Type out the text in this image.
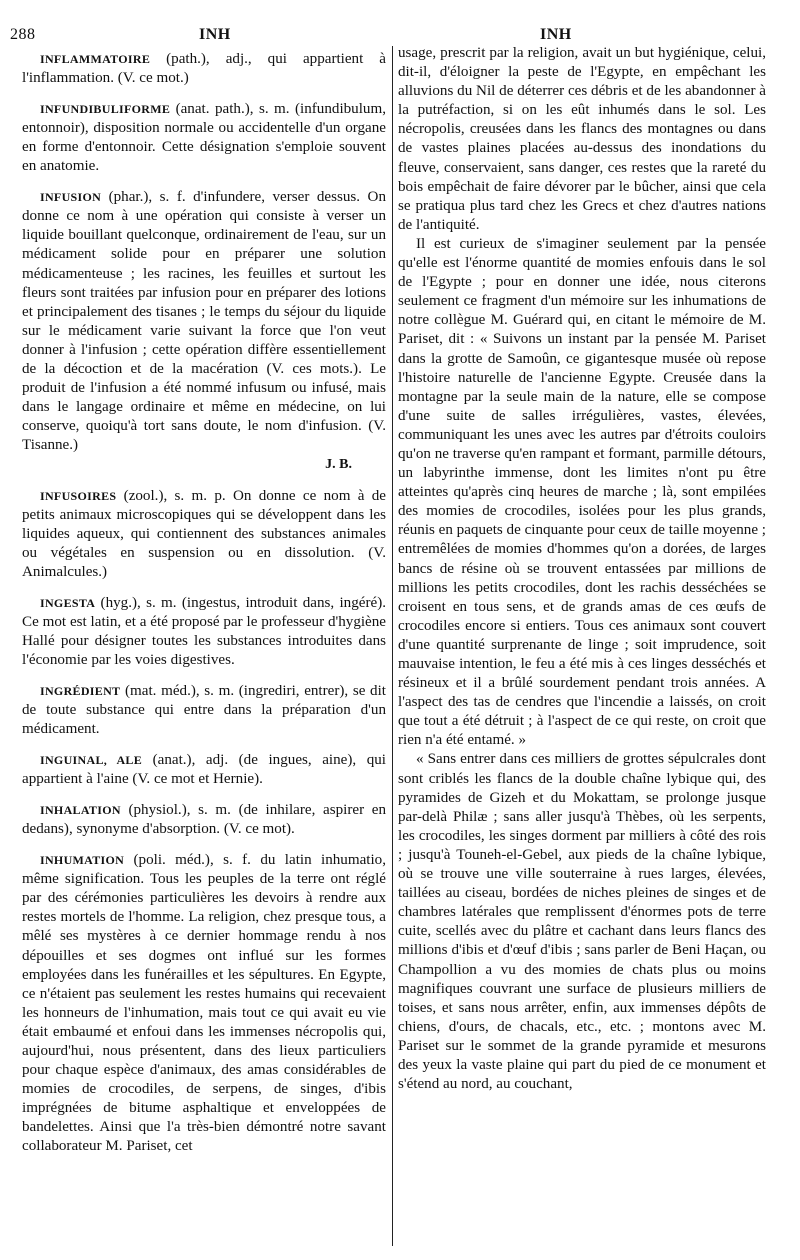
288	INH	INH

INFLAMMATOIRE (path.), adj., qui appartient à l'inflammation. (V. ce mot.)

INFUNDIBULIFORME (anat. path.), s. m. (infundibulum, entonnoir), disposition normale ou accidentelle d'un organe en forme d'entonnoir. Cette désignation s'emploie souvent en anatomie.

INFUSION (phar.), s. f. d'infundere, verser dessus. On donne ce nom à une opération qui consiste à verser un liquide bouillant quelconque, ordinairement de l'eau, sur un médicament solide pour en préparer une solution médicamenteuse ; les racines, les feuilles et surtout les fleurs sont traitées par infusion pour en préparer des lotions et principalement des tisanes ; le temps du séjour du liquide sur le médicament varie suivant la force que l'on veut donner à l'infusion ; cette opération diffère essentiellement de la décoction et de la macération (V. ces mots.). Le produit de l'infusion a été nommé infusum ou infusé, mais dans le langage ordinaire et même en médecine, on lui conserve, quoiqu'à tort sans doute, le nom d'infusion. (V. Tisanne.)

J. B.

INFUSOIRES (zool.), s. m. p. On donne ce nom à de petits animaux microscopiques qui se développent dans les liquides aqueux, qui contiennent des substances animales ou végétales en suspension ou en dissolution. (V. Animalcules.)

INGESTA (hyg.), s. m. (ingestus, introduit dans, ingéré). Ce mot est latin, et a été proposé par le professeur d'hygiène Hallé pour désigner toutes les substances introduites dans l'économie par les voies digestives.

INGRÉDIENT (mat. méd.), s. m. (ingrediri, entrer), se dit de toute substance qui entre dans la préparation d'un médicament.

INGUINAL, ALE (anat.), adj. (de ingues, aine), qui appartient à l'aine (V. ce mot et Hernie).

INHALATION (physiol.), s. m. (de inhilare, aspirer en dedans), synonyme d'absorption. (V. ce mot).

INHUMATION (poli. méd.), s. f. du latin inhumatio, même signification. Tous les peuples de la terre ont réglé par des cérémonies particulières les devoirs à rendre aux restes mortels de l'homme. La religion, chez presque tous, a mêlé ses mystères à ce dernier hommage rendu à nos dépouilles et ses dogmes ont influé sur les formes employées dans les funérailles et les sépultures. En Egypte, ce n'étaient pas seulement les restes humains qui recevaient les honneurs de l'inhumation, mais tout ce qui avait eu vie était embaumé et enfoui dans les immenses nécropolis qui, aujourd'hui, nous présentent, dans des lieux particuliers pour chaque espèce d'animaux, des amas considérables de momies de crocodiles, de serpens, de singes, d'ibis imprégnées de bitume asphaltique et enveloppées de bandelettes. Ainsi que l'a très-bien démontré notre savant collaborateur M. Pariset, cet

usage, prescrit par la religion, avait un but hygiénique, celui, dit-il, d'éloigner la peste de l'Egypte, en empêchant les alluvions du Nil de déterrer ces débris et de les abandonner à la putréfaction, si on les eût inhumés dans le sol. Les nécropolis, creusées dans les flancs des montagnes ou dans de vastes plaines placées au-dessus des inondations du fleuve, conservaient, sans danger, ces restes que la rareté du bois empêchait de faire dévorer par le bûcher, ainsi que cela se pratiqua plus tard chez les Grecs et chez d'autres nations de l'antiquité.

Il est curieux de s'imaginer seulement par la pensée qu'elle est l'énorme quantité de momies enfouis dans le sol de l'Egypte ; pour en donner une idée, nous citerons seulement ce fragment d'un mémoire sur les inhumations de notre collègue M. Guérard qui, en citant le mémoire de M. Pariset, dit : « Suivons un instant par la pensée M. Pariset dans la grotte de Samoûn, ce gigantesque musée où repose l'histoire naturelle de l'ancienne Egypte. Creusée dans la montagne par la seule main de la nature, elle se compose d'une suite de salles irrégulières, vastes, élevées, communiquant les unes avec les autres par d'étroits couloirs qu'on ne traverse qu'en rampant et formant, parmille détours, un labyrinthe immense, dont les limites n'ont pu être atteintes qu'après cinq heures de marche ; là, sont empilées des momies de crocodiles, isolées pour les plus grands, réunis en paquets de cinquante pour ceux de taille moyenne ; entremêlées de momies d'hommes qu'on a dorées, de larges bancs de résine où se trouvent entassées par millions de millions les petits crocodiles, dont les rachis desséchées se croisent en tous sens, et de grands amas de ces œufs de crocodiles encore si entiers. Tous ces animaux sont couvert d'une quantité surprenante de linge ; soit imprudence, soit mauvaise intention, le feu a été mis à ces linges desséchés et résineux et il a brûlé sourdement pendant trois années. A l'aspect des tas de cendres que l'incendie a laissés, on croit que tout a été détruit ; à l'aspect de ce qui reste, on croit que rien n'a été entamé. »

« Sans entrer dans ces milliers de grottes sépulcrales dont sont criblés les flancs de la double chaîne lybique qui, des pyramides de Gizeh et du Mokattam, se prolonge jusque par-delà Philæ ; sans aller jusqu'à Thèbes, où les serpents, les crocodiles, les singes dorment par milliers à côté des rois ; jusqu'à Touneh-el-Gebel, aux pieds de la chaîne lybique, où se trouve une ville souterraine à rues larges, élevées, taillées au ciseau, bordées de niches pleines de singes et de chambres latérales que remplissent d'énormes pots de terre cuite, scellés avec du plâtre et cachant dans leurs flancs des millions d'ibis et d'œuf d'ibis ; sans parler de Beni Haçan, ou Champollion a vu des momies de chats plus ou moins magnifiques couvrant une surface de plusieurs milliers de toises, et sans nous arrêter, enfin, aux immenses dépôts de chiens, d'ours, de chacals, etc., etc. ; montons avec M. Pariset sur le sommet de la grande pyramide et mesurons des yeux la vaste plaine qui part du pied de ce monument et s'étend au nord, au couchant,
